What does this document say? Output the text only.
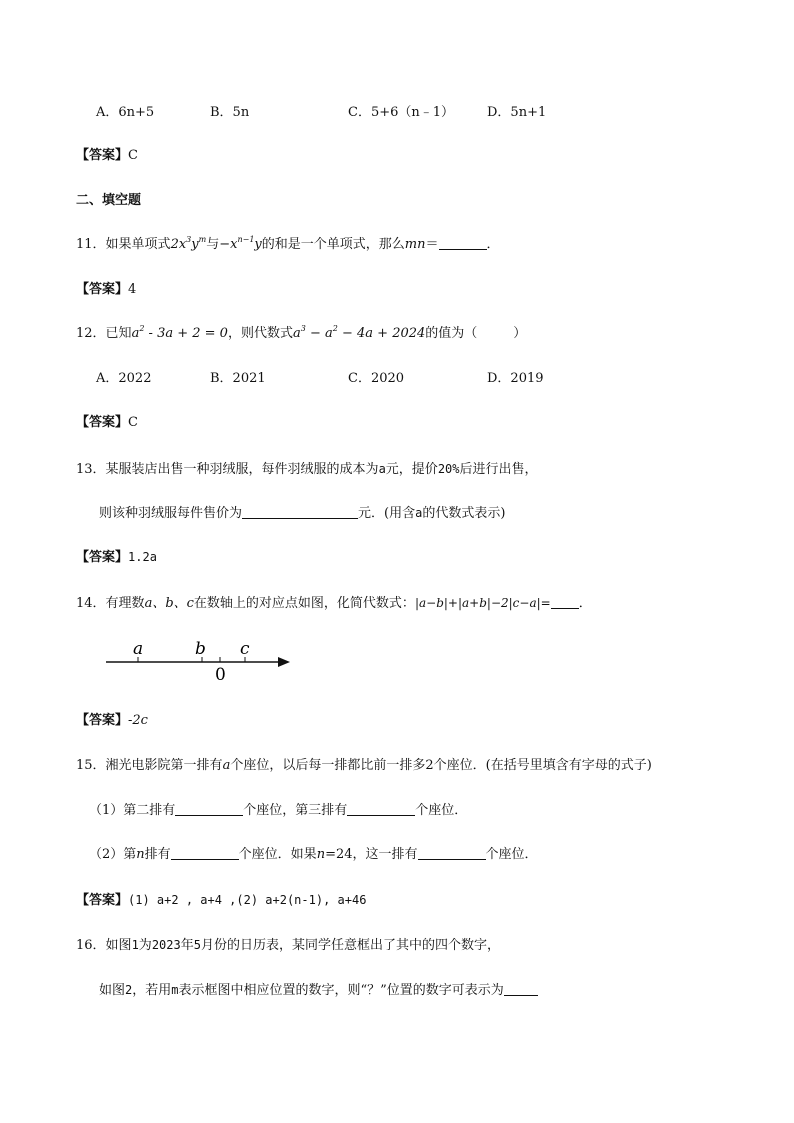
A．6n+5	B．5n	C．5+6（n﹣1）	D．5n+1
【答案】C
二、填空题
11．如果单项式$2x^3y^m$与$-x^{n-1}y$的和是一个单项式，那么mn＝	．
【答案】4
12．已知$a^2 - 3a + 2 = 0$，则代数式$a^3 - a^2 - 4a + 2024$的值为（	）
A．2022	B．2021	C．2020	D．2019
【答案】C
13．某服装店出售一种羽绒服，每件羽绒服的成本为a元，提价20%后进行出售，
则该种羽绒服每件售价为	元．(用含a的代数式表示)
【答案】1.2a
14．有理数a、b、c在数轴上的对应点如图，化简代数式：|a−b|+|a+b|−2|c−a|= ．
a	b c
0
【答案】-2c
15．湘光电影院第一排有a个座位，以后每一排都比前一排多2个座位．(在括号里填含有字母的式子)
（1）第二排有	个座位，第三排有	个座位．
（2）第n排有	个座位．如果n=24，这一排有	个座位．
【答案】(1) a+2 , a+4 ,(2) a+2(n-1), a+46
16．如图1为2023年5月份的日历表，某同学任意框出了其中的四个数字，
如图2，若用m表示框图中相应位置的数字，则“？”位置的数字可表示为
